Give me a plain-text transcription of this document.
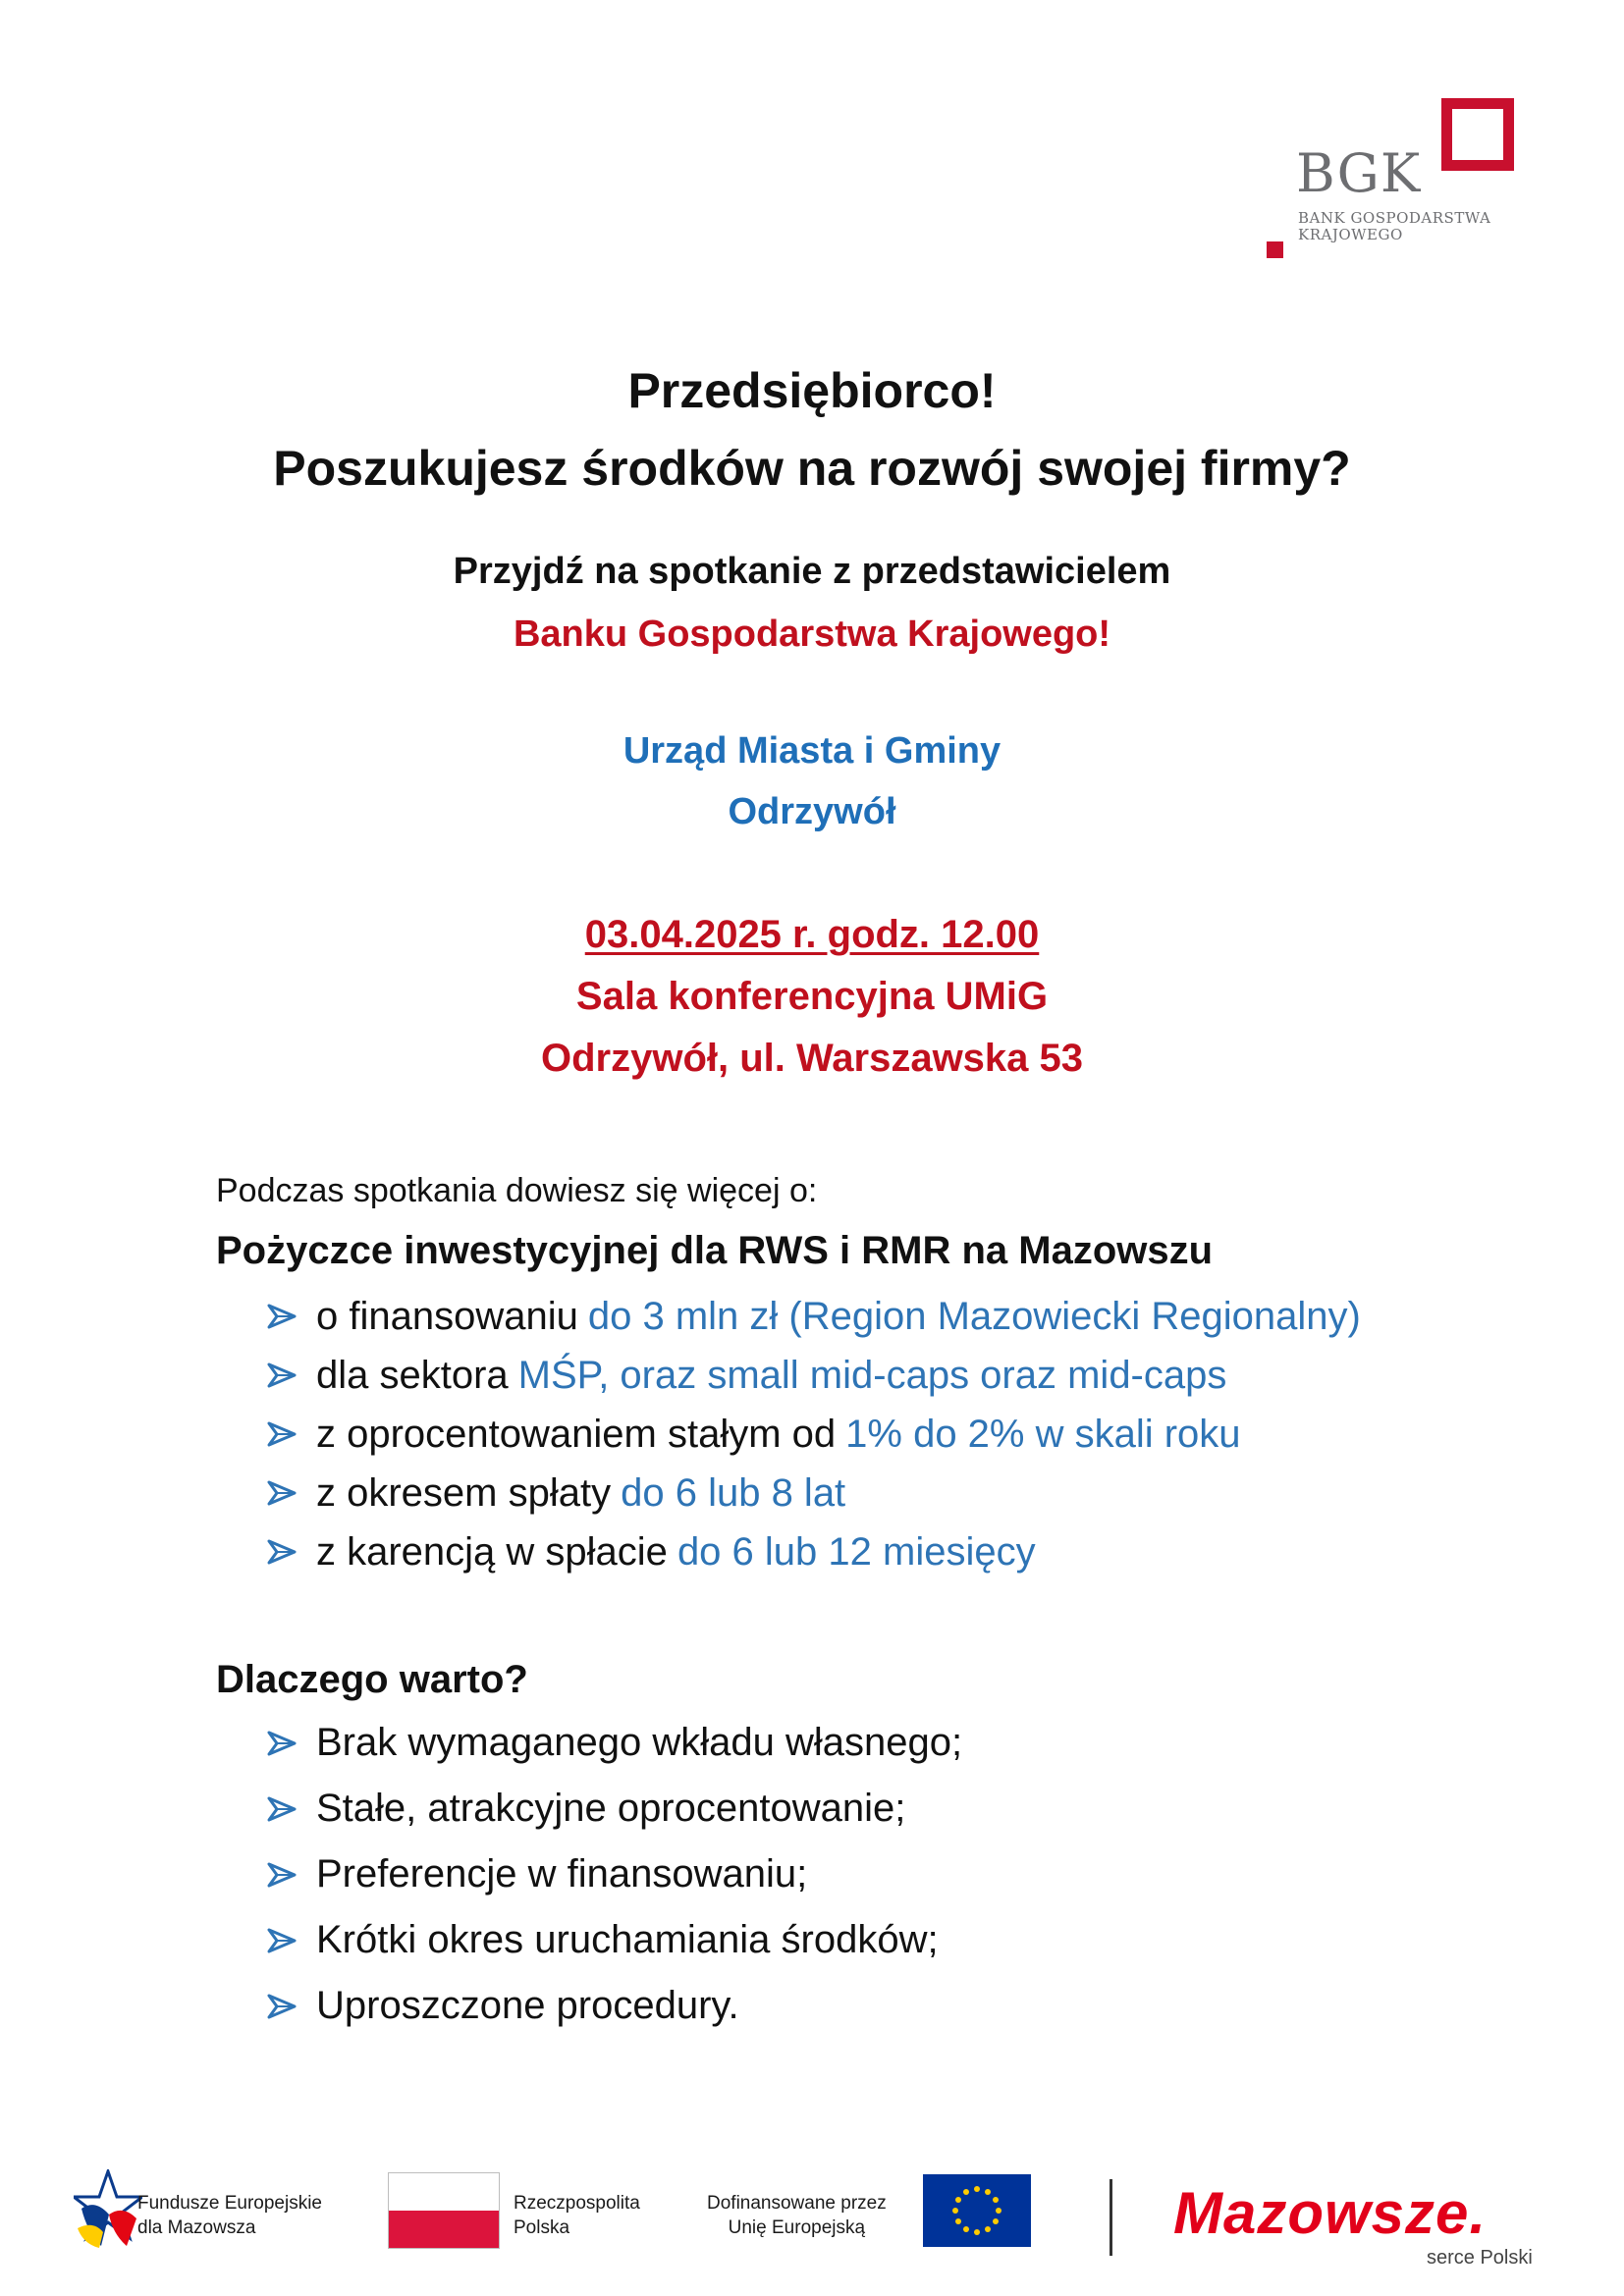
BGK
BANK GOSPODARSTWA
KRAJOWEGO
Przedsiębiorco!
Poszukujesz środków na rozwój swojej firmy?
Przyjdź na spotkanie z przedstawicielem
Banku Gospodarstwa Krajowego!
Urząd Miasta i Gminy
Odrzywół
03.04.2025 r. godz. 12.00
Sala konferencyjna UMiG
Odrzywół, ul. Warszawska 53
Podczas spotkania dowiesz się więcej o:
Pożyczce inwestycyjnej dla RWS i RMR na Mazowszu
o finansowaniu do 3 mln zł (Region Mazowiecki Regionalny)
dla sektora MŚP, oraz small mid-caps oraz mid-caps
z oprocentowaniem stałym od 1% do 2% w skali roku
z okresem spłaty do 6 lub 8 lat
z karencją w spłacie do 6 lub 12 miesięcy
Dlaczego warto?
Brak wymaganego wkładu własnego;
Stałe, atrakcyjne oprocentowanie;
Preferencje w finansowaniu;
Krótki okres uruchamiania środków;
Uproszczone procedury.
Fundusze Europejskie
dla Mazowsza
Rzeczpospolita
Polska
Dofinansowane przez
Unię Europejską	Mazowsze.
serce Polski
